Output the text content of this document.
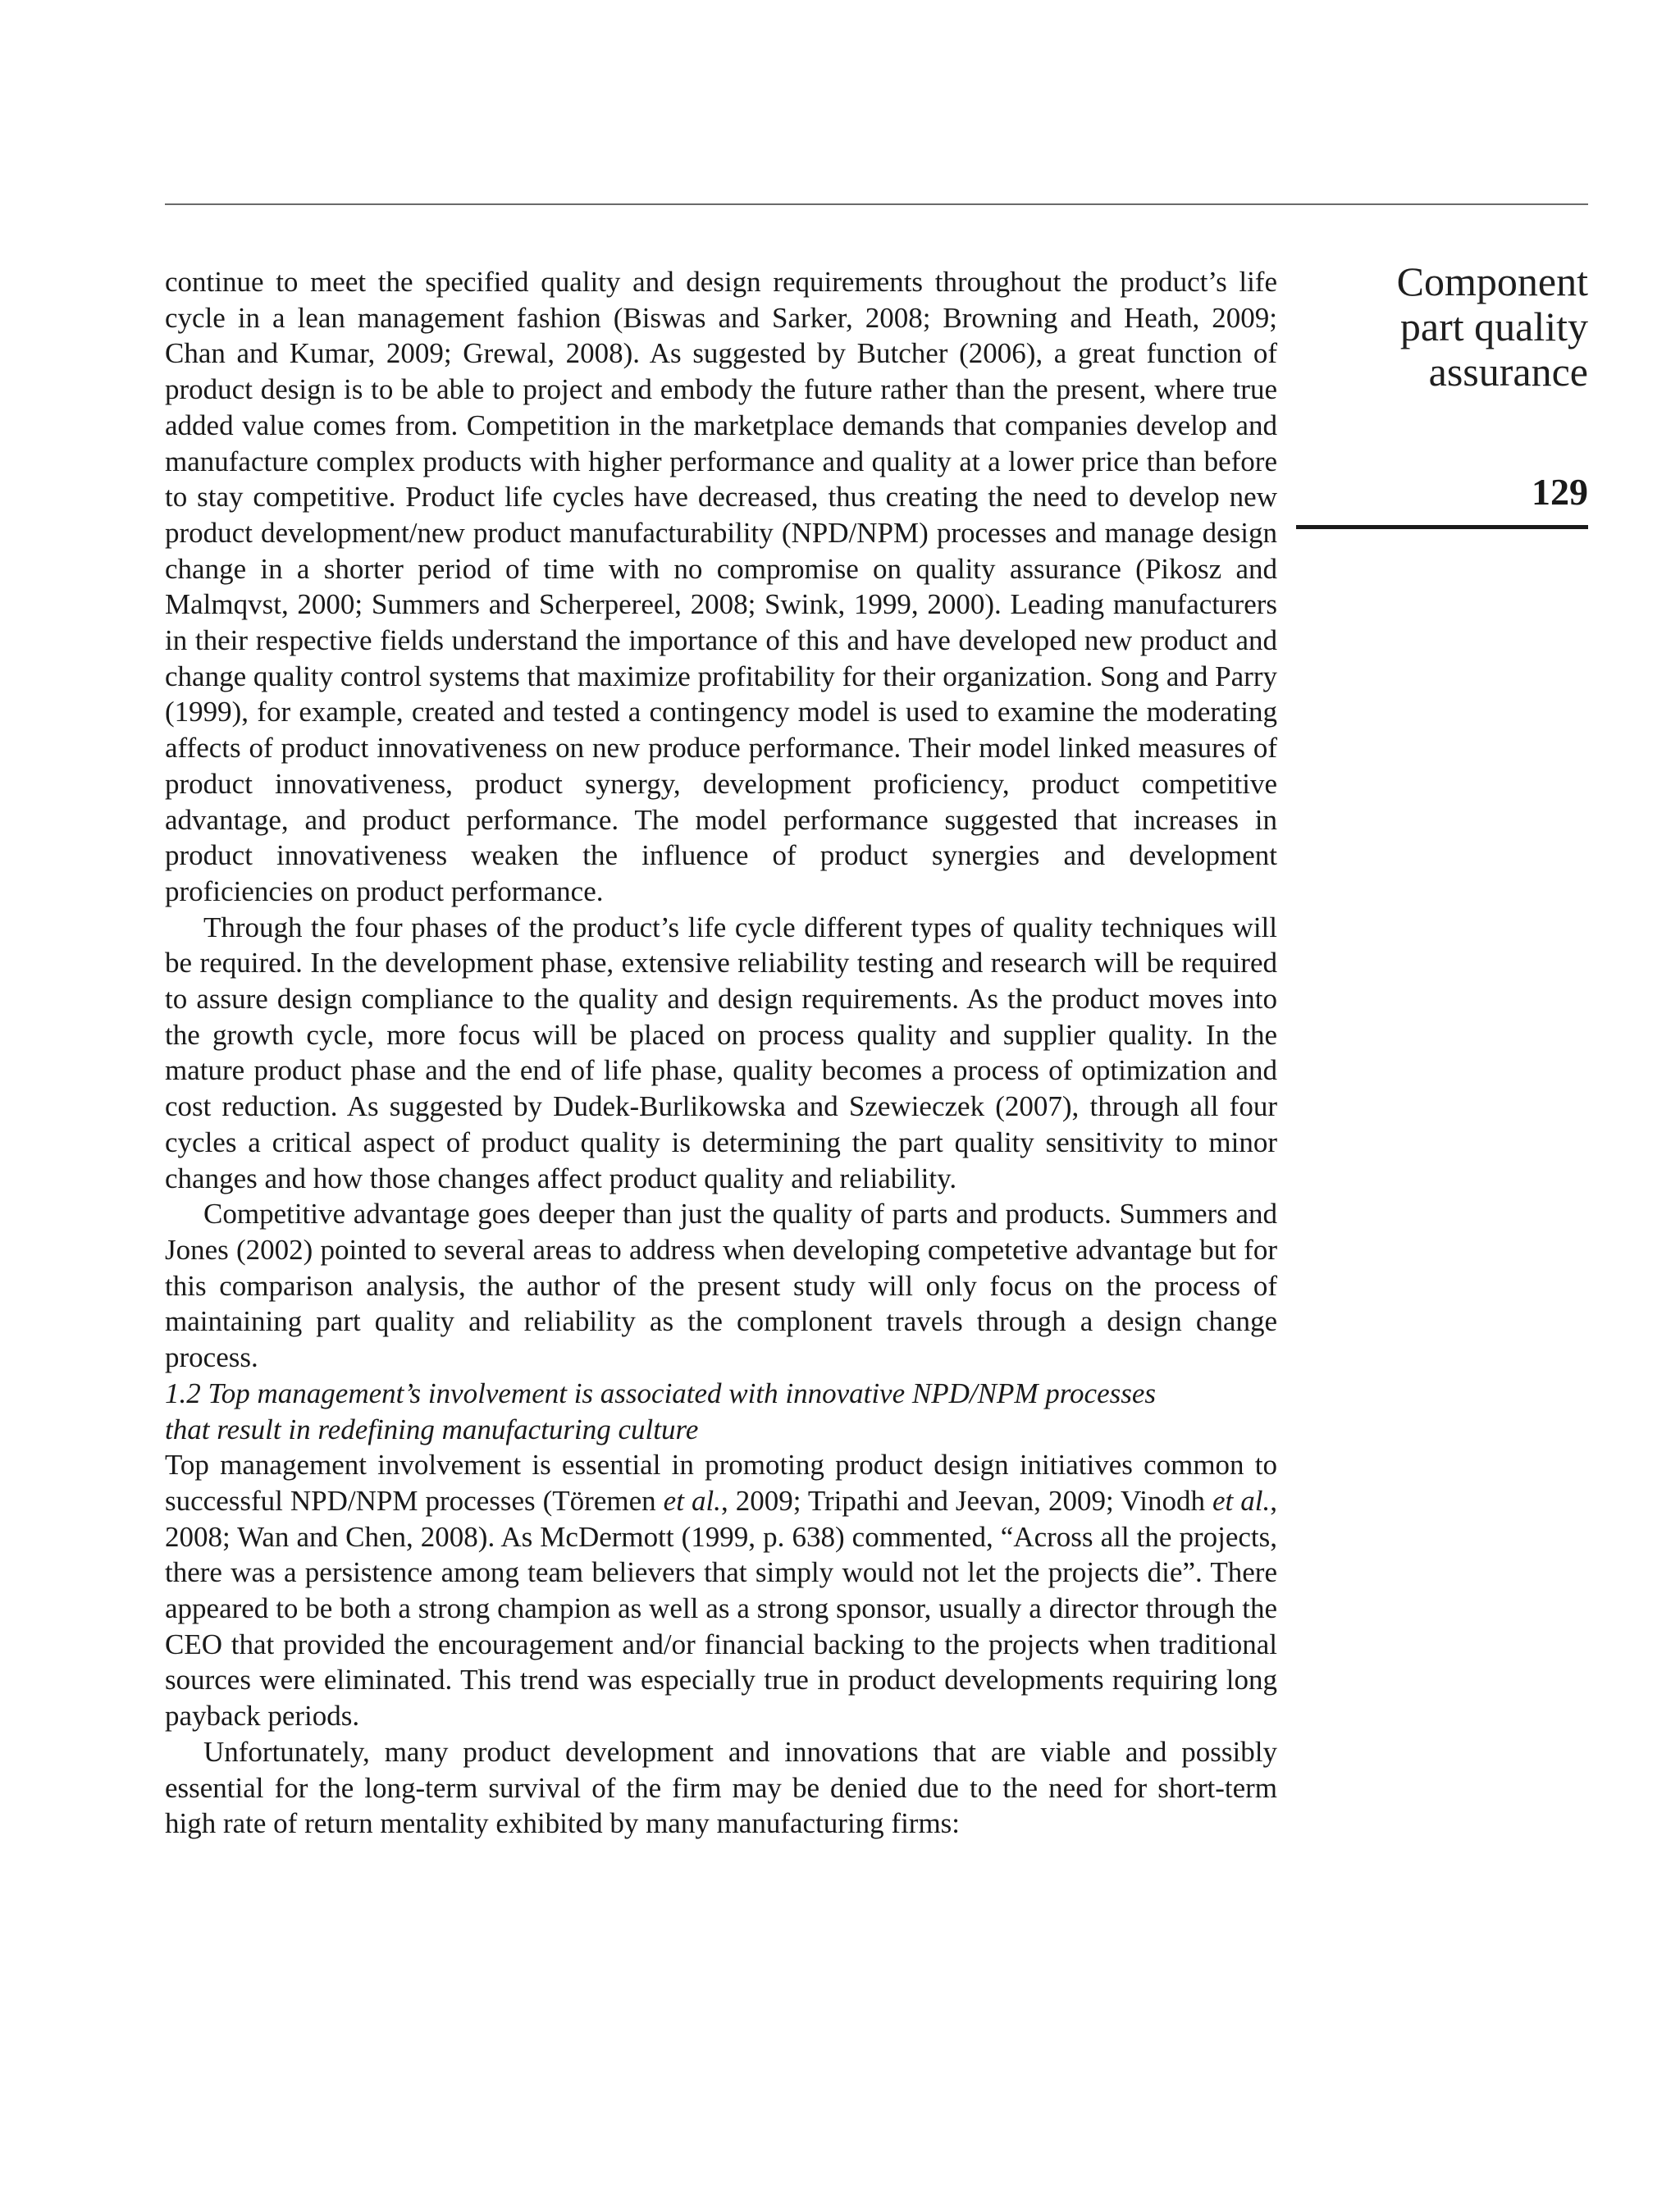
Component
part quality
assurance
129

continue to meet the specified quality and design requirements throughout the product’s life cycle in a lean management fashion (Biswas and Sarker, 2008; Browning and Heath, 2009; Chan and Kumar, 2009; Grewal, 2008). As suggested by Butcher (2006), a great function of product design is to be able to project and embody the future rather than the present, where true added value comes from. Competition in the marketplace demands that companies develop and manufacture complex products with higher performance and quality at a lower price than before to stay competitive. Product life cycles have decreased, thus creating the need to develop new product development/new product manufacturability (NPD/NPM) processes and manage design change in a shorter period of time with no compromise on quality assurance (Pikosz and Malmqvst, 2000; Summers and Scherpereel, 2008; Swink, 1999, 2000). Leading manufacturers in their respective fields understand the importance of this and have developed new product and change quality control systems that maximize profitability for their organization. Song and Parry (1999), for example, created and tested a contingency model is used to examine the moderating affects of product innovativeness on new produce performance. Their model linked measures of product innovativeness, product synergy, development proficiency, product competitive advantage, and product performance. The model performance suggested that increases in product innovativeness weaken the influence of product synergies and development proficiencies on product performance.

Through the four phases of the product’s life cycle different types of quality techniques will be required. In the development phase, extensive reliability testing and research will be required to assure design compliance to the quality and design requirements. As the product moves into the growth cycle, more focus will be placed on process quality and supplier quality. In the mature product phase and the end of life phase, quality becomes a process of optimization and cost reduction. As suggested by Dudek-Burlikowska and Szewieczek (2007), through all four cycles a critical aspect of product quality is determining the part quality sensitivity to minor changes and how those changes affect product quality and reliability.

Competitive advantage goes deeper than just the quality of parts and products. Summers and Jones (2002) pointed to several areas to address when developing competetive advantage but for this comparison analysis, the author of the present study will only focus on the process of maintaining part quality and reliability as the complonent travels through a design change process.

1.2 Top management’s involvement is associated with innovative NPD/NPM processes
that result in redefining manufacturing culture

Top management involvement is essential in promoting product design initiatives common to successful NPD/NPM processes (Töremen et al., 2009; Tripathi and Jeevan, 2009; Vinodh et al., 2008; Wan and Chen, 2008). As McDermott (1999, p. 638) commented, “Across all the projects, there was a persistence among team believers that simply would not let the projects die”. There appeared to be both a strong champion as well as a strong sponsor, usually a director through the CEO that provided the encouragement and/or financial backing to the projects when traditional sources were eliminated. This trend was especially true in product developments requiring long payback periods.

Unfortunately, many product development and innovations that are viable and possibly essential for the long-term survival of the firm may be denied due to the need for short-term high rate of return mentality exhibited by many manufacturing firms:
